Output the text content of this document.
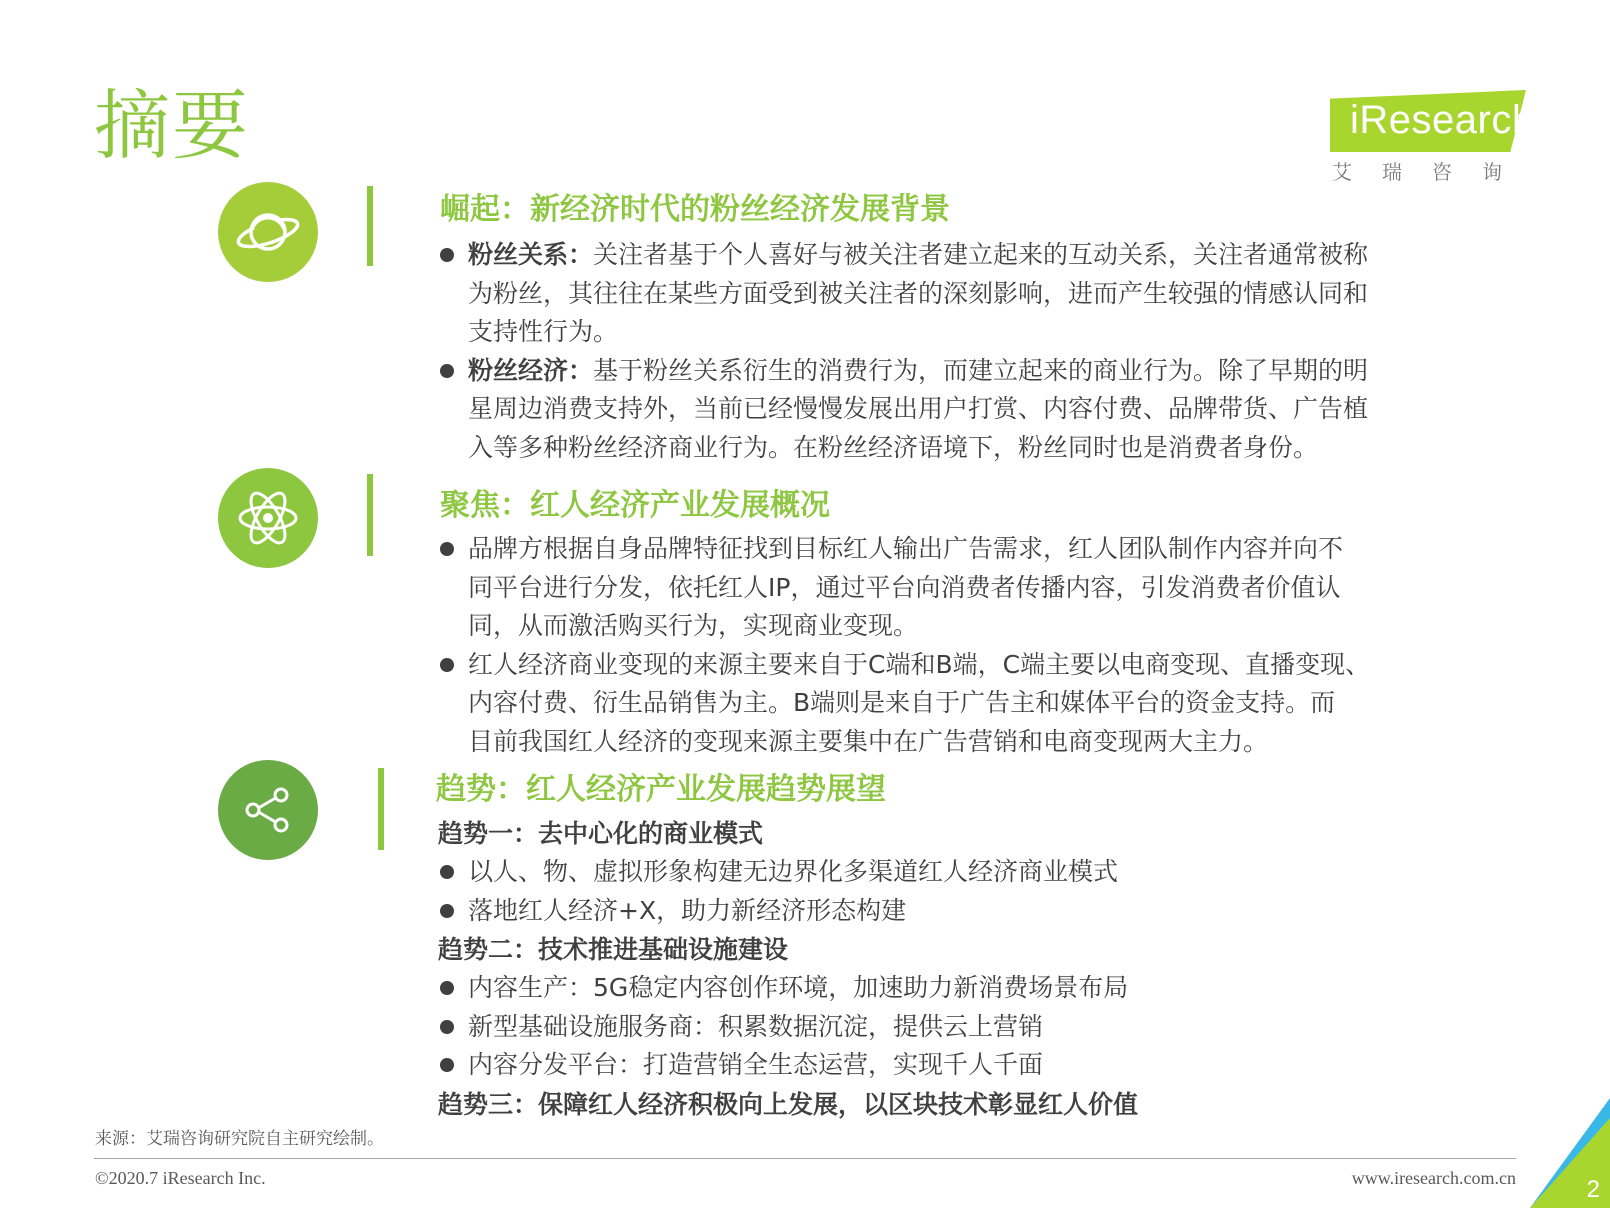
摘要	iResearch
艾瑞咨询
崛起：新经济时代的粉丝经济发展背景
粉丝关系：关注者基于个人喜好与被关注者建立起来的互动关系，关注者通常被称
为粉丝，其往往在某些方面受到被关注者的深刻影响，进而产生较强的情感认同和
支持性行为。
粉丝经济：基于粉丝关系衍生的消费行为，而建立起来的商业行为。除了早期的明
星周边消费支持外，当前已经慢慢发展出用户打赏、内容付费、品牌带货、广告植
入等多种粉丝经济商业行为。在粉丝经济语境下，粉丝同时也是消费者身份。
聚焦：红人经济产业发展概况
品牌方根据自身品牌特征找到目标红人输出广告需求，红人团队制作内容并向不
同平台进行分发，依托红人IP，通过平台向消费者传播内容，引发消费者价值认
同，从而激活购买行为，实现商业变现。
红人经济商业变现的来源主要来自于C端和B端，C端主要以电商变现、直播变现、
内容付费、衍生品销售为主。B端则是来自于广告主和媒体平台的资金支持。而
目前我国红人经济的变现来源主要集中在广告营销和电商变现两大主力。
趋势：红人经济产业发展趋势展望
趋势一：去中心化的商业模式
以人、物、虚拟形象构建无边界化多渠道红人经济商业模式
落地红人经济+X，助力新经济形态构建
趋势二：技术推进基础设施建设
内容生产：5G稳定内容创作环境，加速助力新消费场景布局
新型基础设施服务商：积累数据沉淀，提供云上营销
内容分发平台：打造营销全生态运营，实现千人千面
趋势三：保障红人经济积极向上发展，以区块技术彰显红人价值
来源：艾瑞咨询研究院自主研究绘制。
©2020.7 iResearch Inc.	www.iresearch.com.cn	2
